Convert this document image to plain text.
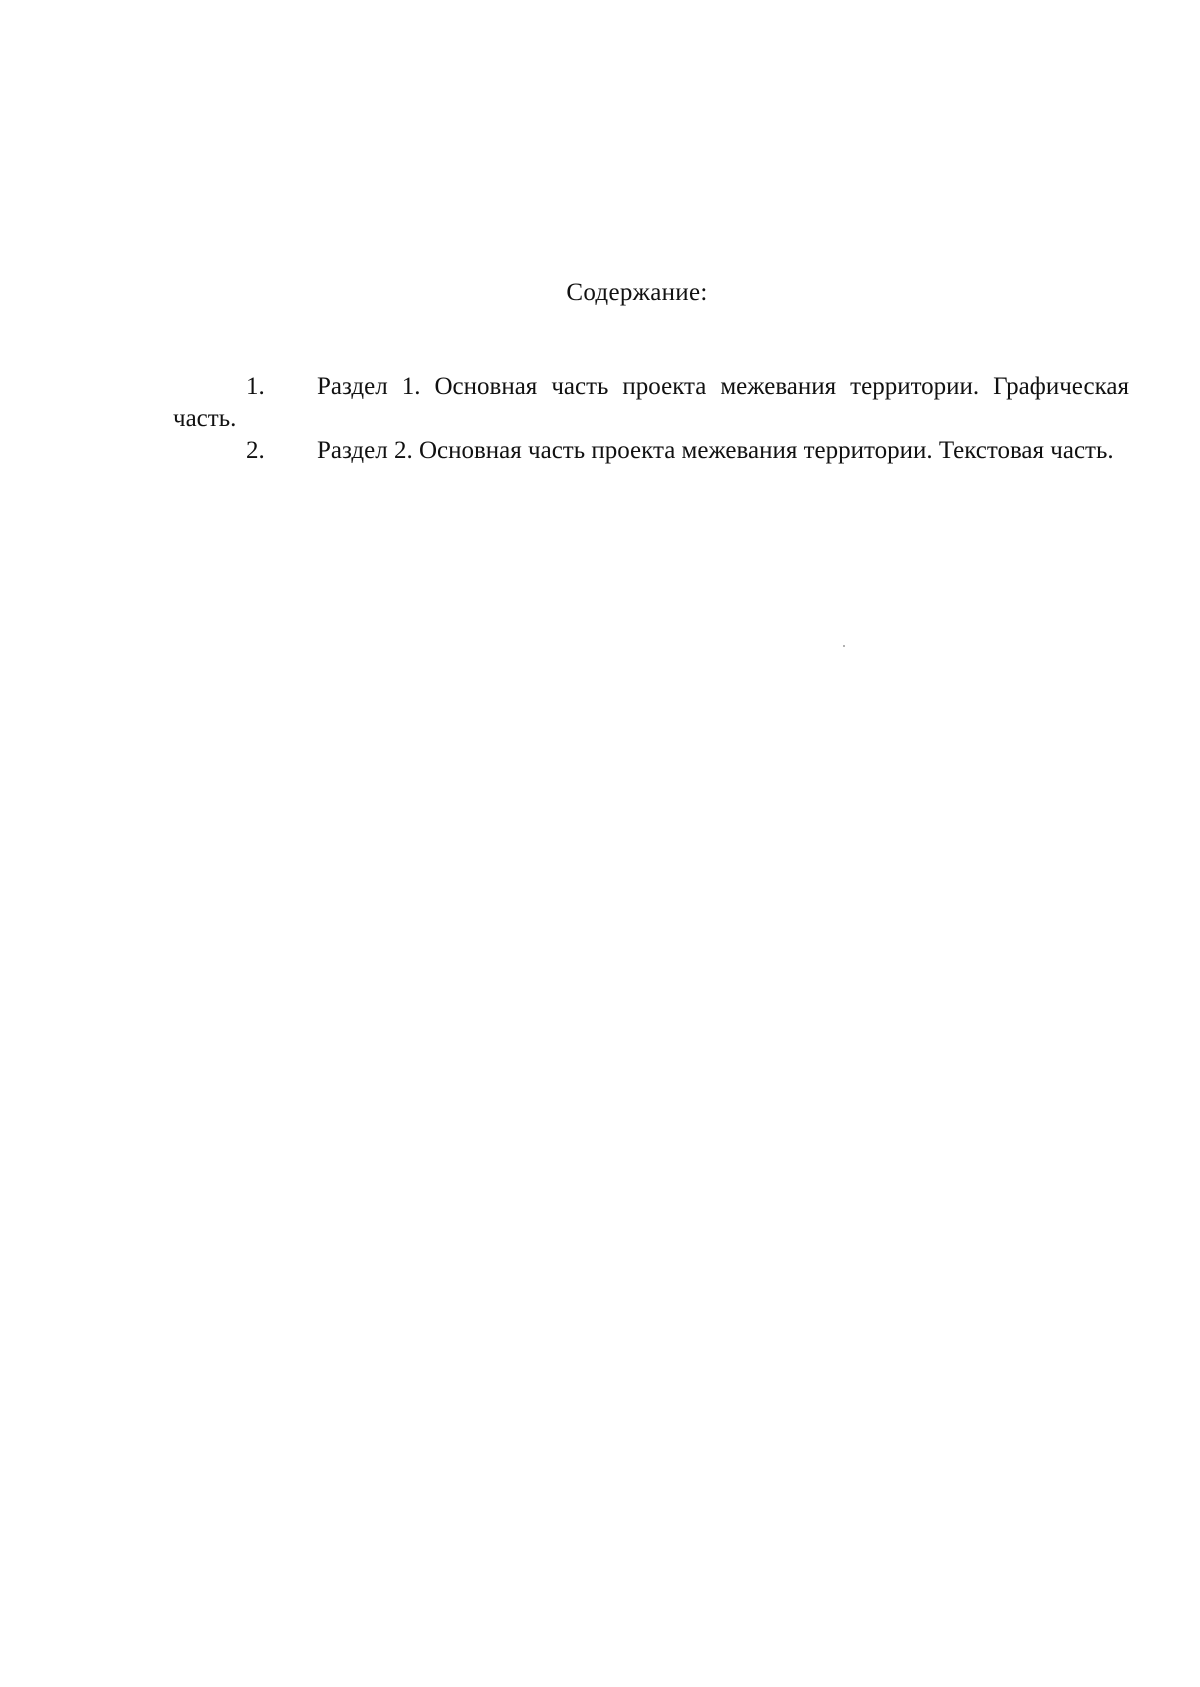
Содержание:
1. Раздел 1. Основная часть проекта межевания территории. Графическая часть.
2. Раздел 2. Основная часть проекта межевания территории. Текстовая часть.
